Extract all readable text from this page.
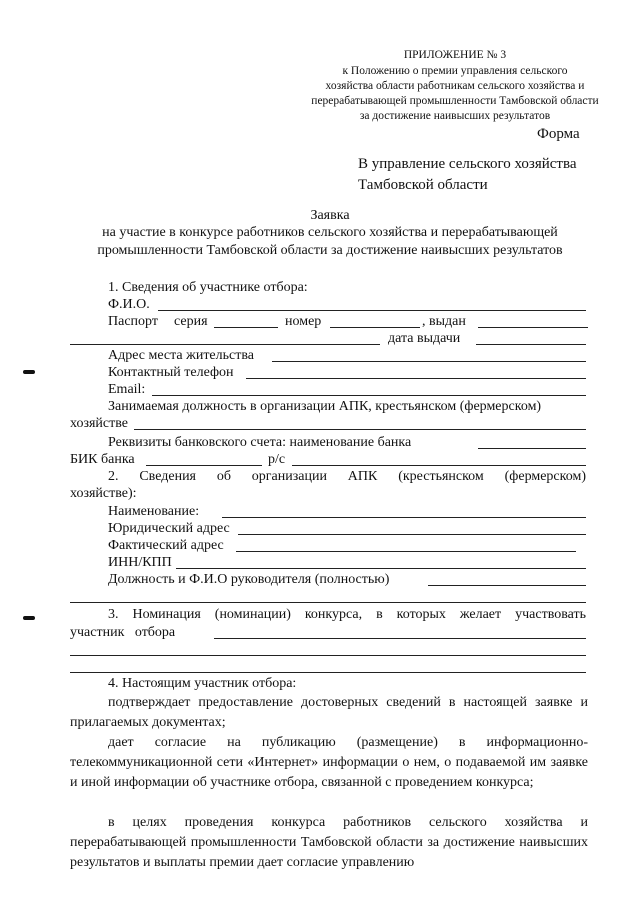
ПРИЛОЖЕНИЕ № 3
к Положению о премии управления сельского
хозяйства области работникам сельского хозяйства и
перерабатывающей промышленности Тамбовской области
за достижение наивысших результатов
Форма
В управление сельского хозяйства
Тамбовской области
Заявка
на участие в конкурсе работников сельского хозяйства и перерабатывающей
промышленности Тамбовской области за достижение наивысших результатов
1. Сведения об участнике отбора:
Ф.И.О.
Паспорт серия	номер	, выдан
дата выдачи
Адрес места жительства
Контактный телефон
Email:
Занимаемая должность в организации АПК, крестьянском (фермерском)
хозяйстве
Реквизиты банковского счета: наименование банка
БИК банка	р/с
2. Сведения об организации АПК (крестьянском (фермерском)
хозяйстве):
Наименование:
Юридический адрес
Фактический адрес
ИНН/КПП
Должность и Ф.И.О руководителя (полностью)
3. Номинация (номинации) конкурса, в которых желает участвовать
участник   отбора
4. Настоящим участник отбора:
подтверждает предоставление достоверных сведений в настоящей заявке и прилагаемых документах;
дает согласие на публикацию (размещение) в информационно-телекоммуникационной сети «Интернет» информации о нем, о подаваемой им заявке и иной информации об участнике отбора, связанной с проведением конкурса;
в целях проведения конкурса работников сельского хозяйства и перерабатывающей промышленности Тамбовской области за достижение наивысших результатов и выплаты премии дает согласие управлению
